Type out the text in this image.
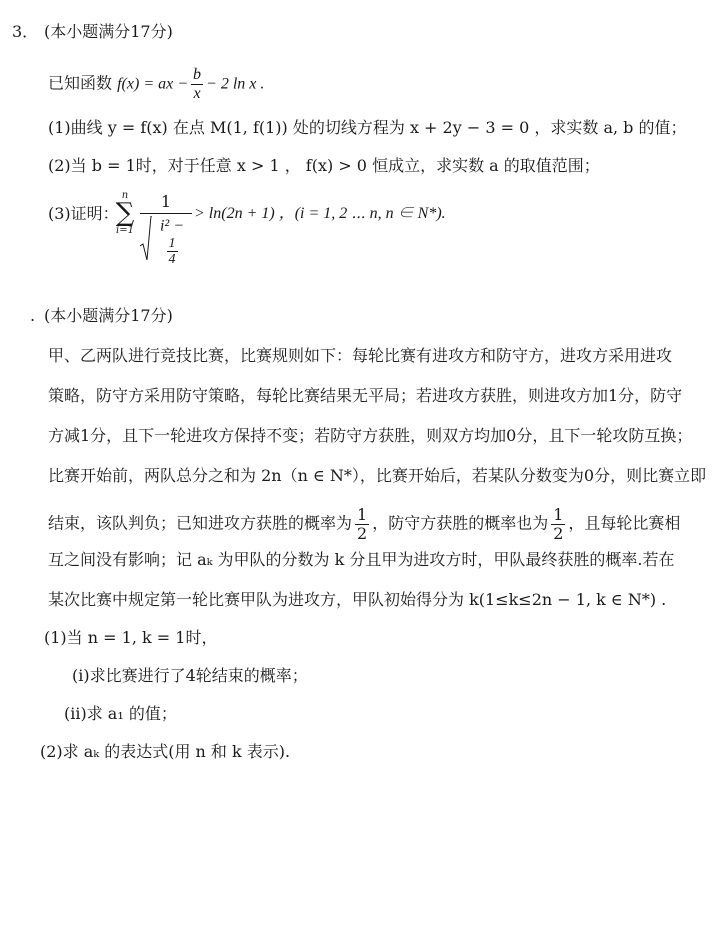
3． (本小题满分17分)
已知函数 f(x) = ax − $\frac{b}{x} - 2$ ln x .
(1)曲线 y = f(x) 在点 M(1, f(1)) 处的切线方程为 x + 2y − 3 = 0 ，求实数 a, b 的值；
(2)当 b = 1时，对于任意 x > 1 ， f(x) > 0 恒成立，求实数 a 的取值范围；
(3)证明：
n
∑
i=1
1
i² −
$\frac{1}{4}$
> ln(2n + 1) ，(i = 1, 2 ⋯ n, n ∈ N*).
. (本小题满分17分)
甲、乙两队进行竞技比赛，比赛规则如下：每轮比赛有进攻方和防守方，进攻方采用进攻
策略，防守方采用防守策略，每轮比赛结果无平局；若进攻方获胜，则进攻方加1分，防守
方减1分，且下一轮进攻方保持不变；若防守方获胜，则双方均加0分，且下一轮攻防互换；
比赛开始前，两队总分之和为 2n（n ∈ N*），比赛开始后，若某队分数变为0分，则比赛立即
结束，该队判负；已知进攻方获胜的概率为 $\frac{1}{2}$ ，防守方获胜的概率也为 $\frac{1}{2}$ ，且每轮比赛相
互之间没有影响；记 aₖ 为甲队的分数为 k 分且甲为进攻方时，甲队最终获胜的概率.若在
某次比赛中规定第一轮比赛甲队为进攻方，甲队初始得分为 k(1≤k≤2n − 1, k ∈ N*) .
(1)当 n = 1, k = 1时，
(i)求比赛进行了4轮结束的概率；
(ii)求 a₁ 的值；
(2)求 aₖ 的表达式(用 n 和 k 表示).
